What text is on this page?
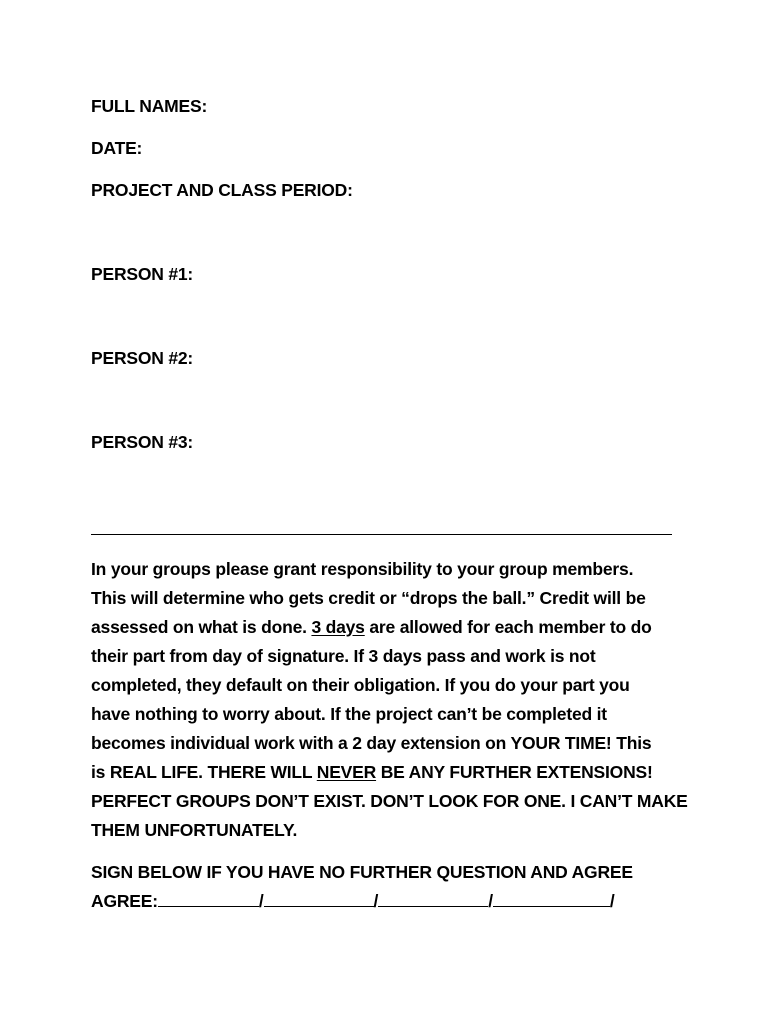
FULL NAMES:
DATE:
PROJECT AND CLASS PERIOD:
PERSON #1:
PERSON #2:
PERSON #3:
In your groups please grant responsibility to your group members.
This will determine who gets credit or “drops the ball.” Credit will be
assessed on what is done. 3 days are allowed for each member to do
their part from day of signature. If 3 days pass and work is not
completed, they default on their obligation. If you do your part you
have nothing to worry about. If the project can’t be completed it
becomes individual work with a 2 day extension on YOUR TIME! This
is REAL LIFE. THERE WILL NEVER BE ANY FURTHER EXTENSIONS!
PERFECT GROUPS DON’T EXIST. DON’T LOOK FOR ONE. I CAN’T MAKE
THEM UNFORTUNATELY.
SIGN BELOW IF YOU HAVE NO FURTHER QUESTION AND AGREE
AGREE:	/	/	/	/
